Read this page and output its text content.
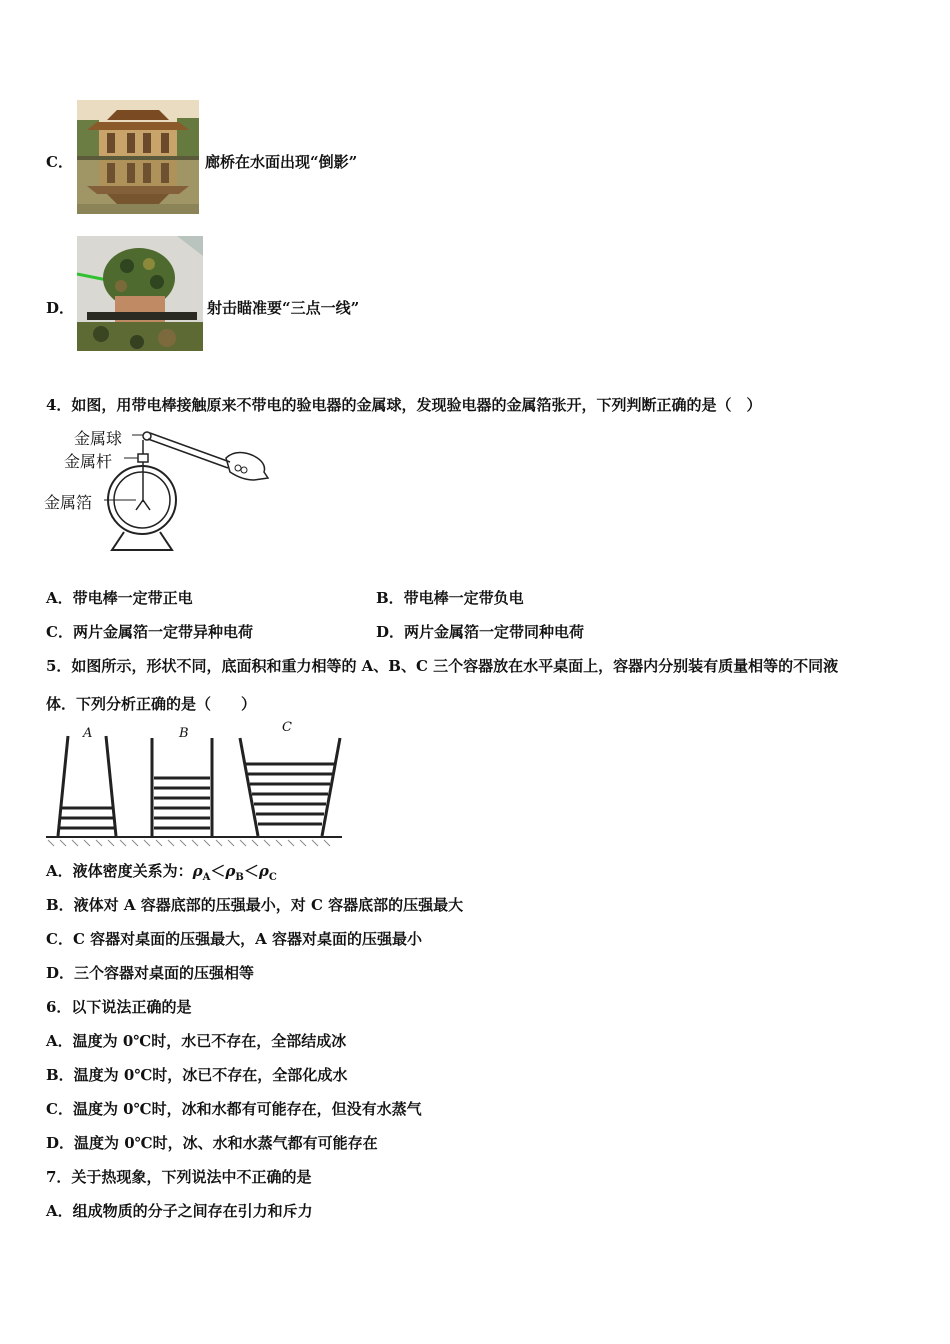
C．	廊桥在水面出现“倒影”
D．	射击瞄准要“三点一线”
4．如图，用带电棒接触原来不带电的验电器的金属球，发现验电器的金属箔张开，下列判断正确的是（　）
金属球
金属杆
金属箔
A．带电棒一定带正电	B．带电棒一定带负电
C．两片金属箔一定带异种电荷	D．两片金属箔一定带同种电荷
5．如图所示，形状不同，底面积和重力相等的 A、B、C 三个容器放在水平桌面上，容器内分别装有质量相等的不同液
体．下列分析正确的是（　　）
A	B	C
A．液体密度关系为：$\rho_A<\rho_B<\rho_C$
B．液体对 A 容器底部的压强最小，对 C 容器底部的压强最大
C．C 容器对桌面的压强最大，A 容器对桌面的压强最小
D．三个容器对桌面的压强相等
6．以下说法正确的是
A．温度为 0℃时，水已不存在，全部结成冰
B．温度为 0℃时，冰已不存在，全部化成水
C．温度为 0℃时，冰和水都有可能存在，但没有水蒸气
D．温度为 0℃时，冰、水和水蒸气都有可能存在
7．关于热现象，下列说法中不正确的是
A．组成物质的分子之间存在引力和斥力
